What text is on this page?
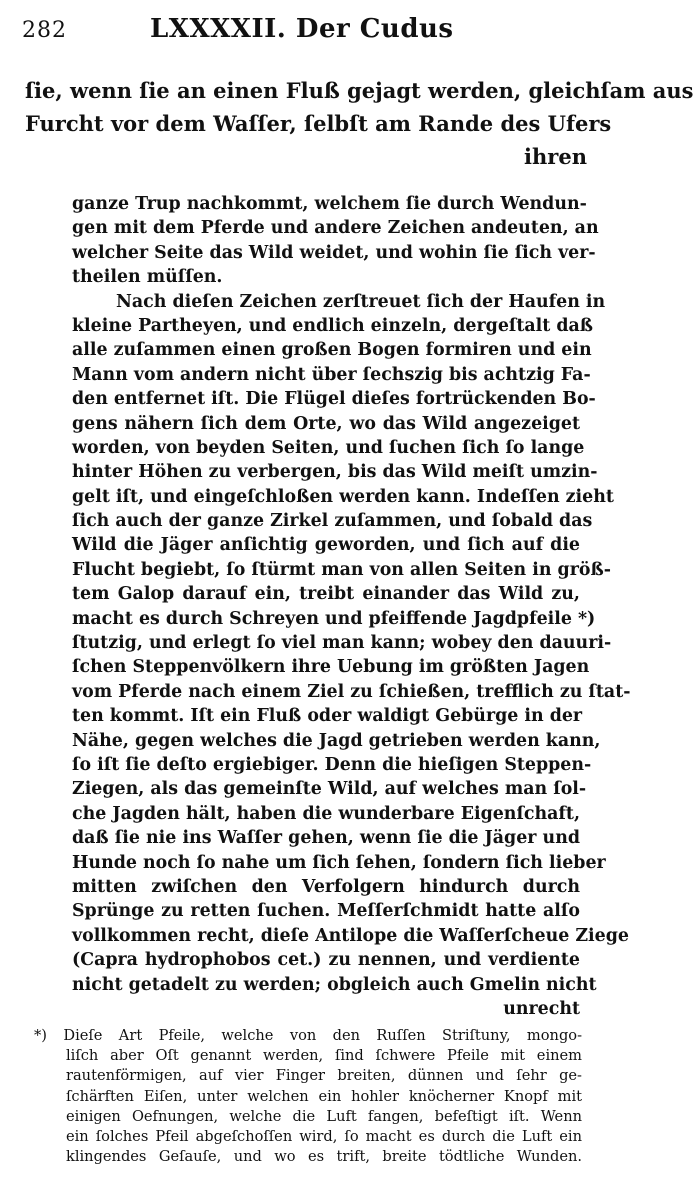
282	LXXXXII. Der Cudus
ſie, wenn ſie an einen Fluß gejagt werden, gleichſam aus
Furcht vor dem Waſſer, ſelbſt am Rande des Ufers
ihren
ganze Trup nachkommt, welchem ſie durch Wendun-
gen mit dem Pferde und andere Zeichen andeuten, an
welcher Seite das Wild weidet, und wohin ſie ſich ver-
theilen müſſen.
Nach dieſen Zeichen zerſtreuet ſich der Haufen in
kleine Partheyen, und endlich einzeln, dergeſtalt daß
alle zuſammen einen großen Bogen formiren und ein
Mann vom andern nicht über ſechszig bis achtzig Fa-
den entfernet iſt. Die Flügel dieſes fortrückenden Bo-
gens nähern ſich dem Orte, wo das Wild angezeiget
worden, von beyden Seiten, und ſuchen ſich ſo lange
hinter Höhen zu verbergen, bis das Wild meiſt umzin-
gelt iſt, und eingeſchloßen werden kann. Indeſſen zieht
ſich auch der ganze Zirkel zuſammen, und ſobald das
Wild die Jäger anſichtig geworden, und ſich auf die
Flucht begiebt, ſo ſtürmt man von allen Seiten in größ-
tem Galop darauf ein, treibt einander das Wild zu,
macht es durch Schreyen und pfeiffende Jagdpfeile *)
ſtutzig, und erlegt ſo viel man kann; wobey den dauuri-
ſchen Steppenvölkern ihre Uebung im größten Jagen
vom Pferde nach einem Ziel zu ſchießen, trefflich zu ſtat-
ten kommt. Iſt ein Fluß oder waldigt Gebürge in der
Nähe, gegen welches die Jagd getrieben werden kann,
ſo iſt ſie deſto ergiebiger. Denn die hieſigen Steppen-
Ziegen, als das gemeinſte Wild, auf welches man ſol-
che Jagden hält, haben die wunderbare Eigenſchaft,
daß ſie nie ins Waſſer gehen, wenn ſie die Jäger und
Hunde noch ſo nahe um ſich ſehen, ſondern ſich lieber
mitten zwiſchen den Verfolgern hindurch durch
Sprünge zu retten ſuchen. Meſſerſchmidt hatte alſo
vollkommen recht, dieſe Antilope die Waſſerſcheue Ziege
(Capra hydrophobos cet.) zu nennen, und verdiente
nicht getadelt zu werden; obgleich auch Gmelin nicht
unrecht
*) Dieſe Art Pfeile, welche von den Ruſſen Striſtuny, mongo-
liſch aber Oſt genannt werden, ſind ſchwere Pfeile mit einem
rautenförmigen, auf vier Finger breiten, dünnen und ſehr ge-
ſchärften Eiſen, unter welchen ein hohler knöcherner Knopf mit
einigen Oefnungen, welche die Luft fangen, befeſtigt iſt. Wenn
ein ſolches Pfeil abgeſchoſſen wird, ſo macht es durch die Luft ein
klingendes Geſauſe, und wo es trift, breite tödtliche Wunden.
